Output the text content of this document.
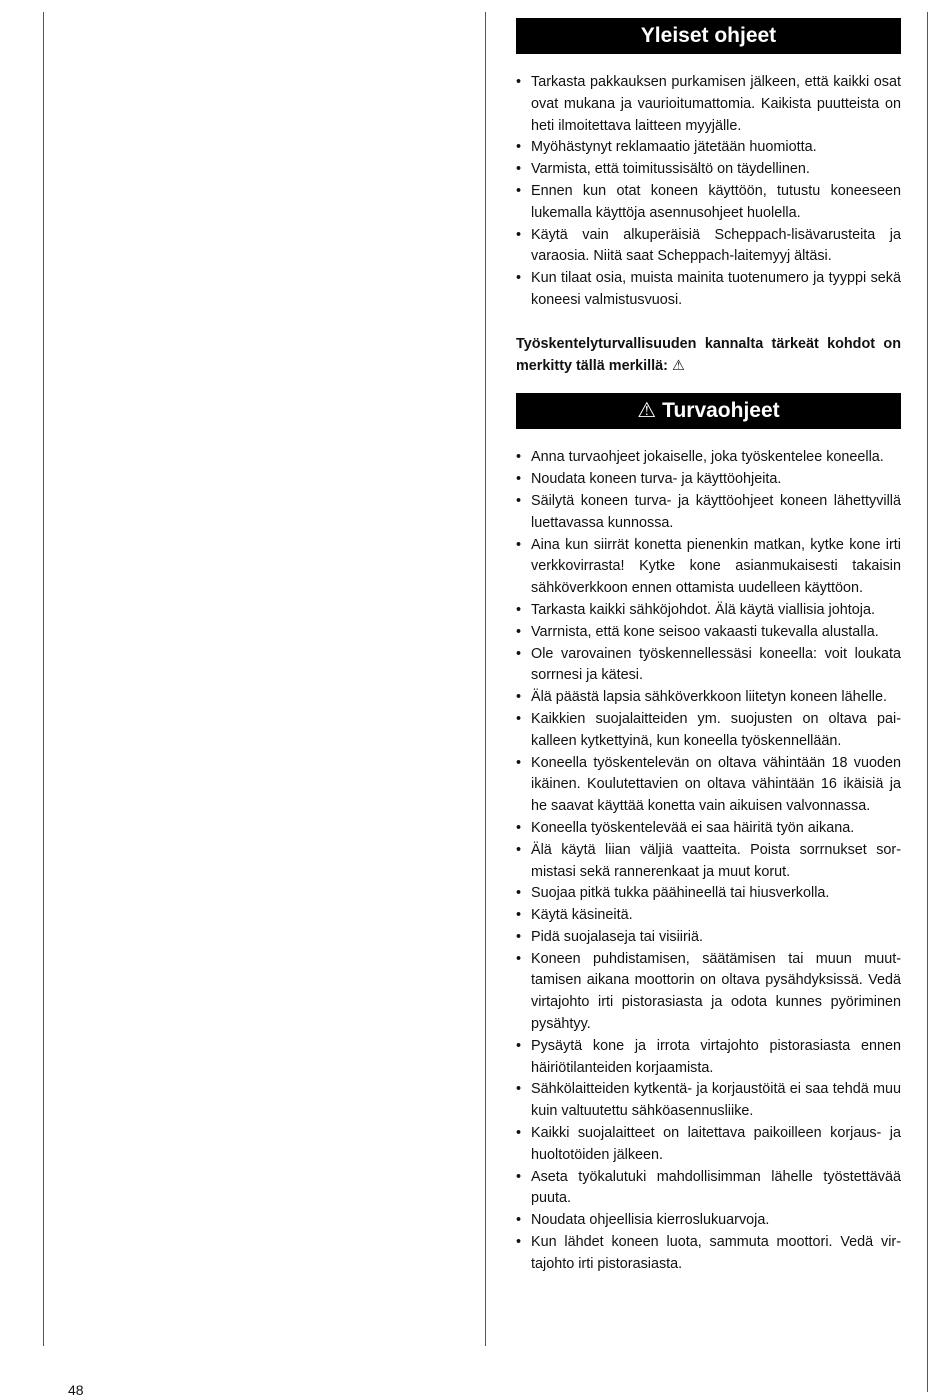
Yleiset ohjeet
• Tarkasta pakkauksen purkamisen jälkeen, että kaikki osat ovat mukana ja vaurioitumattomia. Kaikista puutteista on heti ilmoitettava laitteen myyjälle.
• Myöhästynyt reklamaatio jätetään huomiotta.
• Varmista, että toimitussisältö on täydellinen.
• Ennen kun otat koneen käyttöön, tutustu koneeseen lukemalla käyttöja asennusohjeet huolella.
• Käytä vain alkuperäisiä Scheppach-lisävarusteita ja varaosia. Niitä saat Scheppach-laitemyyj ältäsi.
• Kun tilaat osia, muista mainita tuotenumero ja tyyppi sekä koneesi valmistusvuosi.
Työskentelyturvallisuuden kannalta tärkeät kohdot on merkitty tällä merkillä: ⚠
⚠ Turvaohjeet
• Anna turvaohjeet jokaiselle, joka työskentelee koneella.
• Noudata koneen turva- ja käyttöohjeita.
• Säilytä koneen turva- ja käyttöohjeet koneen lähettyvillä luettavassa kunnossa.
• Aina kun siirrät konetta pienenkin matkan, kytke kone irti verkkovirrasta! Kytke kone asianmukaisesti takaisin sähköverkkoon ennen ottamista uudelleen käyttöon.
• Tarkasta kaikki sähköjohdot. Älä käytä viallisia johtoja.
• Varrnista, että kone seisoo vakaasti tukevalla alustalla.
• Ole varovainen työskennellessäsi koneella: voit loukata sorrnesi ja kätesi.
• Älä päästä lapsia sähköverkkoon liitetyn koneen lähelle.
• Kaikkien suojalaitteiden ym. suojusten on oltava paikalleen kytkettyinä, kun koneella työskennellään.
• Koneella työskentelevän on oltava vähintään 18 vuoden ikäinen. Koulutettavien on oltava vähintään 16 ikäisiä ja he saavat käyttää konetta vain aikuisen valvonnassa.
• Koneella työskentelevää ei saa häiritä työn aikana.
• Älä käytä liian väljiä vaatteita. Poista sorrnukset sormistasi sekä rannerenkaat ja muut korut.
• Suojaa pitkä tukka päähineellä tai hiusverkolla.
• Käytä käsineitä.
• Pidä suojalaseja tai visiiriä.
• Koneen puhdistamisen, säätämisen tai muun muuttamisen aikana moottorin on oltava pysähdyksissä. Vedä virtajohto irti pistorasiasta ja odota kunnes pyöriminen pysähtyy.
• Pysäytä kone ja irrota virtajohto pistorasiasta ennen häiriötilanteiden korjaamista.
• Sähkölaitteiden kytkentä- ja korjaustöitä ei saa tehdä muu kuin valtuutettu sähköasennusliike.
• Kaikki suojalaitteet on laitettava paikoilleen korjaus- ja huoltotöiden jälkeen.
• Aseta työkalutuki mahdollisimman lähelle työstettävää puuta.
• Noudata ohjeellisia kierroslukuarvoja.
• Kun lähdet koneen luota, sammuta moottori. Vedä virtajohto irti pistorasiasta.
48
